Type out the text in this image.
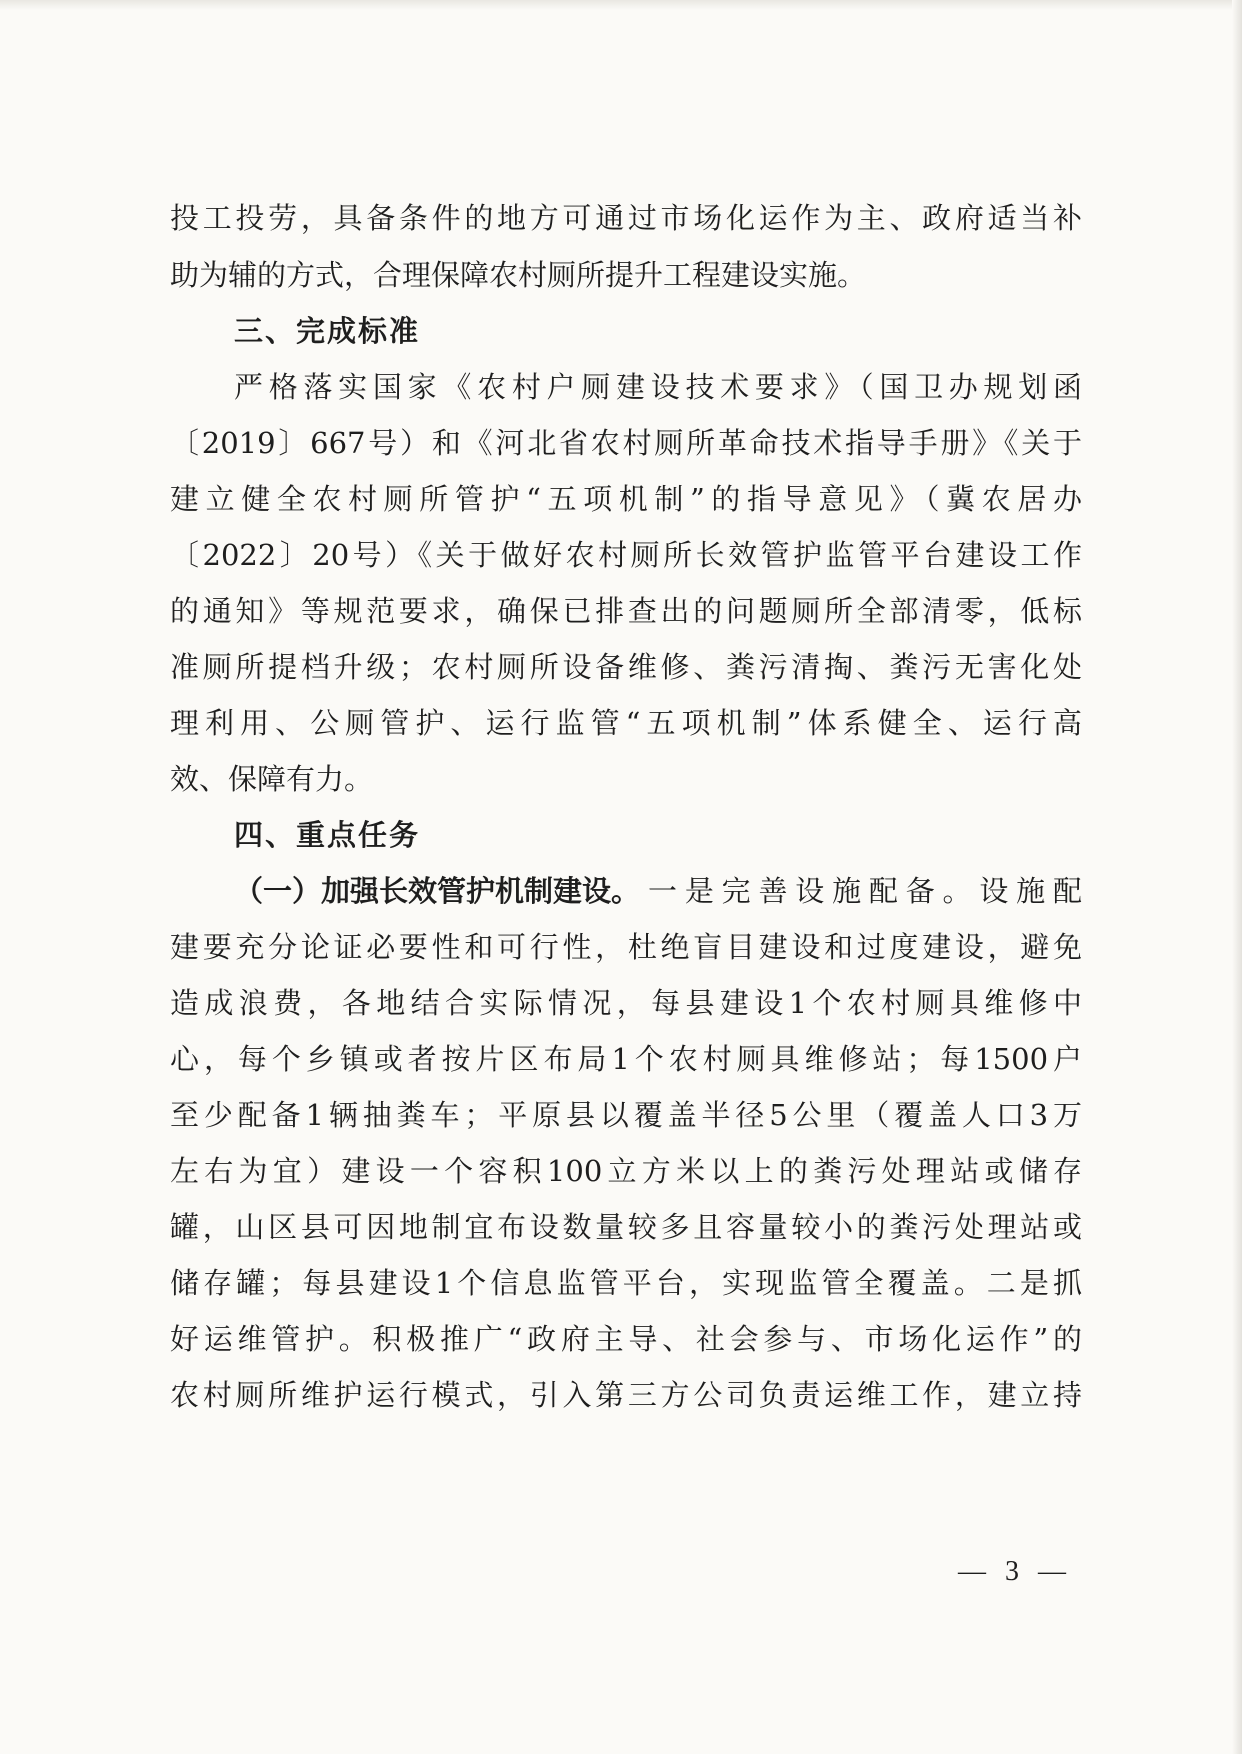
投工投劳，具备条件的地方可通过市场化运作为主、政府适当补
助为辅的方式，合理保障农村厕所提升工程建设实施。
三、完成标准
严格落实国家《农村户厕建设技术要求》（国卫办规划函
〔2019〕667号）和《河北省农村厕所革命技术指导手册》《关于
建立健全农村厕所管护“五项机制”的指导意见》（冀农居办
〔2022〕20号）《关于做好农村厕所长效管护监管平台建设工作
的通知》等规范要求，确保已排查出的问题厕所全部清零，低标
准厕所提档升级；农村厕所设备维修、粪污清掏、粪污无害化处
理利用、公厕管护、运行监管“五项机制”体系健全、运行高
效、保障有力。
四、重点任务
（一）加强长效管护机制建设。 一是完善设施配备。设施配
建要充分论证必要性和可行性，杜绝盲目建设和过度建设，避免
造成浪费，各地结合实际情况，每县建设1个农村厕具维修中
心，每个乡镇或者按片区布局1个农村厕具维修站；每1500户
至少配备1辆抽粪车；平原县以覆盖半径5公里（覆盖人口3万
左右为宜）建设一个容积100立方米以上的粪污处理站或储存
罐，山区县可因地制宜布设数量较多且容量较小的粪污处理站或
储存罐；每县建设1个信息监管平台，实现监管全覆盖。二是抓
好运维管护。积极推广“政府主导、社会参与、市场化运作”的
农村厕所维护运行模式，引入第三方公司负责运维工作，建立持
— 3 —
